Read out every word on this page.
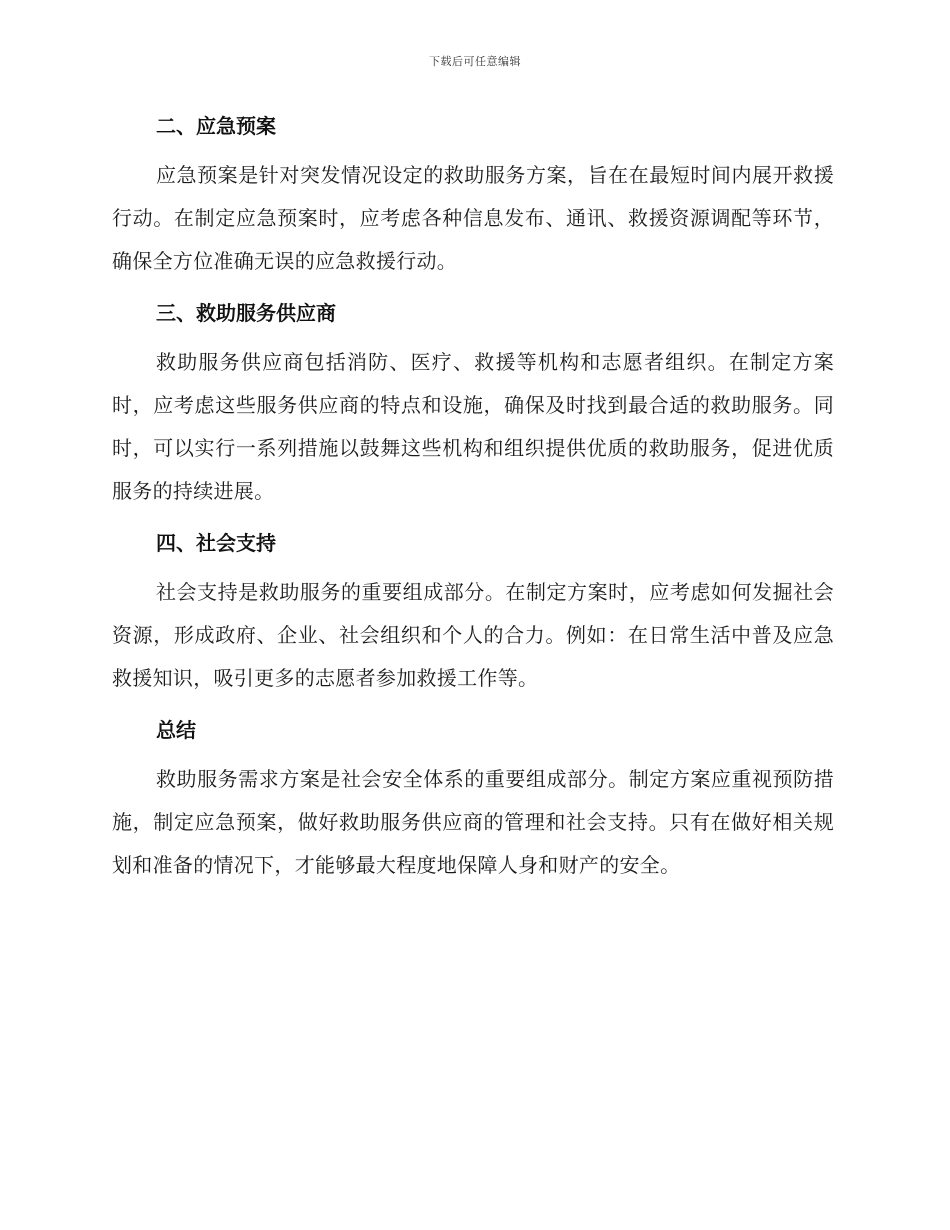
下载后可任意编辑
二、应急预案

应急预案是针对突发情况设定的救助服务方案，旨在在最短时间内展开救援行动。在制定应急预案时，应考虑各种信息发布、通讯、救援资源调配等环节，确保全方位准确无误的应急救援行动。

三、救助服务供应商

救助服务供应商包括消防、医疗、救援等机构和志愿者组织。在制定方案时，应考虑这些服务供应商的特点和设施，确保及时找到最合适的救助服务。同时，可以实行一系列措施以鼓舞这些机构和组织提供优质的救助服务，促进优质服务的持续进展。

四、社会支持

社会支持是救助服务的重要组成部分。在制定方案时，应考虑如何发掘社会资源，形成政府、企业、社会组织和个人的合力。例如：在日常生活中普及应急救援知识，吸引更多的志愿者参加救援工作等。

总结

救助服务需求方案是社会安全体系的重要组成部分。制定方案应重视预防措施，制定应急预案，做好救助服务供应商的管理和社会支持。只有在做好相关规划和准备的情况下，才能够最大程度地保障人身和财产的安全。
